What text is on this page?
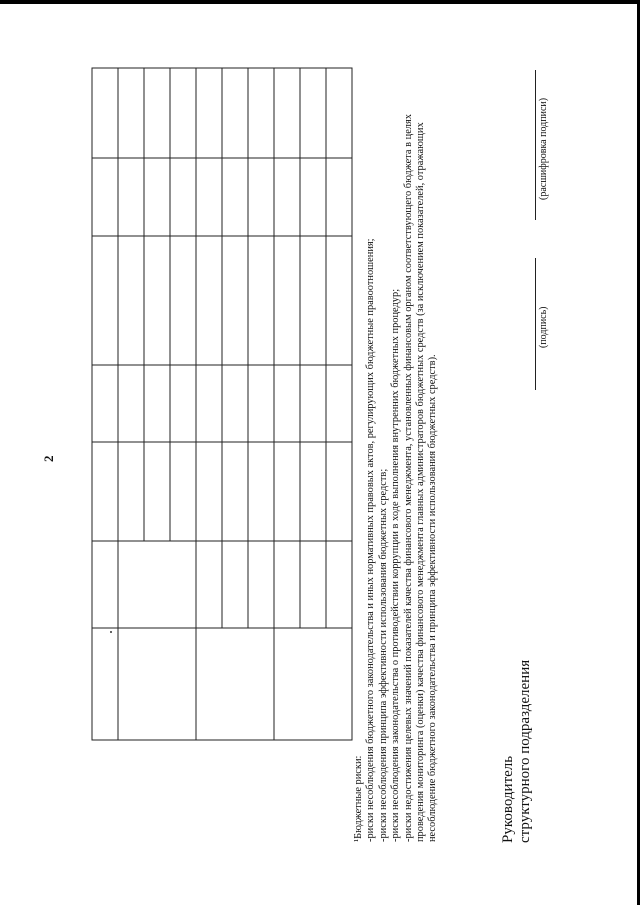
2
¹Бюджетные риски: -риски несоблюдения бюджетного законодательства и иных нормативных правовых актов, регулирующих бюджетные правоотношения; -риски несоблюдения принципа эффективности использования бюджетных средств; -риски несоблюдения законодательства о противодействии коррупции в ходе выполнения внутренних бюджетных процедур; -риски недостижения целевых значений показателей качества финансового менеджмента, установленных финансовым органом соответствующего бюджета в целях проведения мониторинга (оценки) качества финансового менеджмента главных администраторов бюджетных средств (за исключением показателей, отражающих несоблюдение бюджетного законодательства и принципа эффективности использования бюджетных средств).	Руководитель структурного подразделения
(подпись)
(расшифровка подписи)
